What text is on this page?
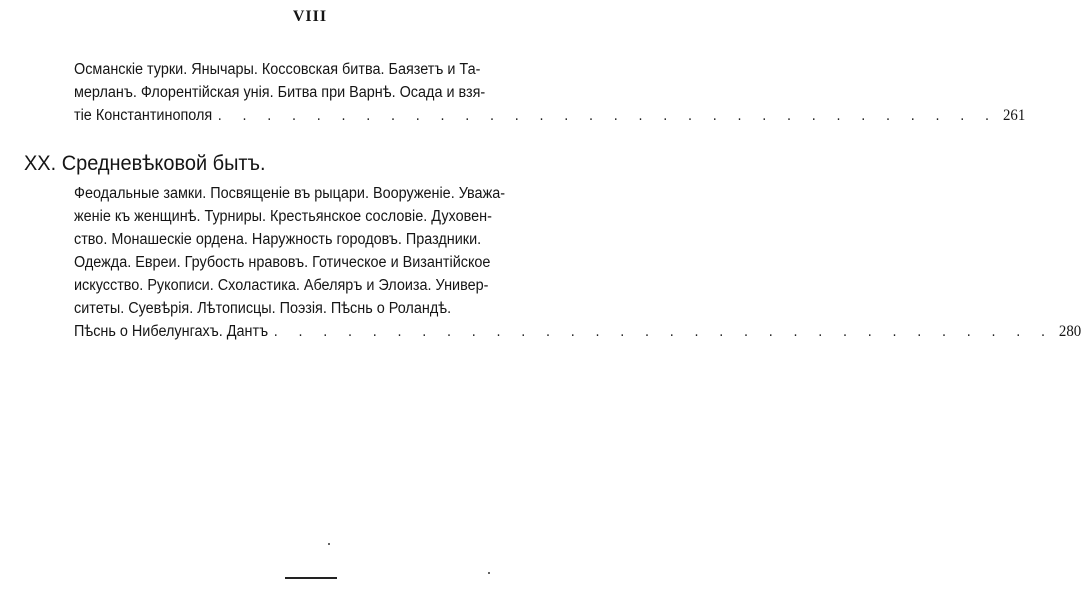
VIII
Османскіе турки. Янычары. Коссовская битва. Баязетъ и Та-
мерланъ. Флорентійская унія. Битва при Варнѣ. Осада и взя-
тіе Константинополя . . . . . . . . . . . . . . . . . . . . . . . . . . . . . . . . 261
XX. Средневѣковой бытъ.
Феодальные замки. Посвященіе въ рыцари. Вооруженіе. Уважа-
женіе къ женщинѣ. Турниры. Крестьянское сословіе. Духовен-
ство. Монашескіе ордена. Наружность городовъ. Праздники.
Одежда. Евреи. Грубость нравовъ. Готическое и Византійское
искусство. Рукописи. Схоластика. Абеляръ и Элоиза. Универ-
ситеты. Суевѣрія. Лѣтописцы. Поэзія. Пѣснь о Роландѣ.
Пѣснь о Нибелунгахъ. Дантъ . . . . . . . . . . . . . . . . . . . . . . . . . . . . . . . . 280
